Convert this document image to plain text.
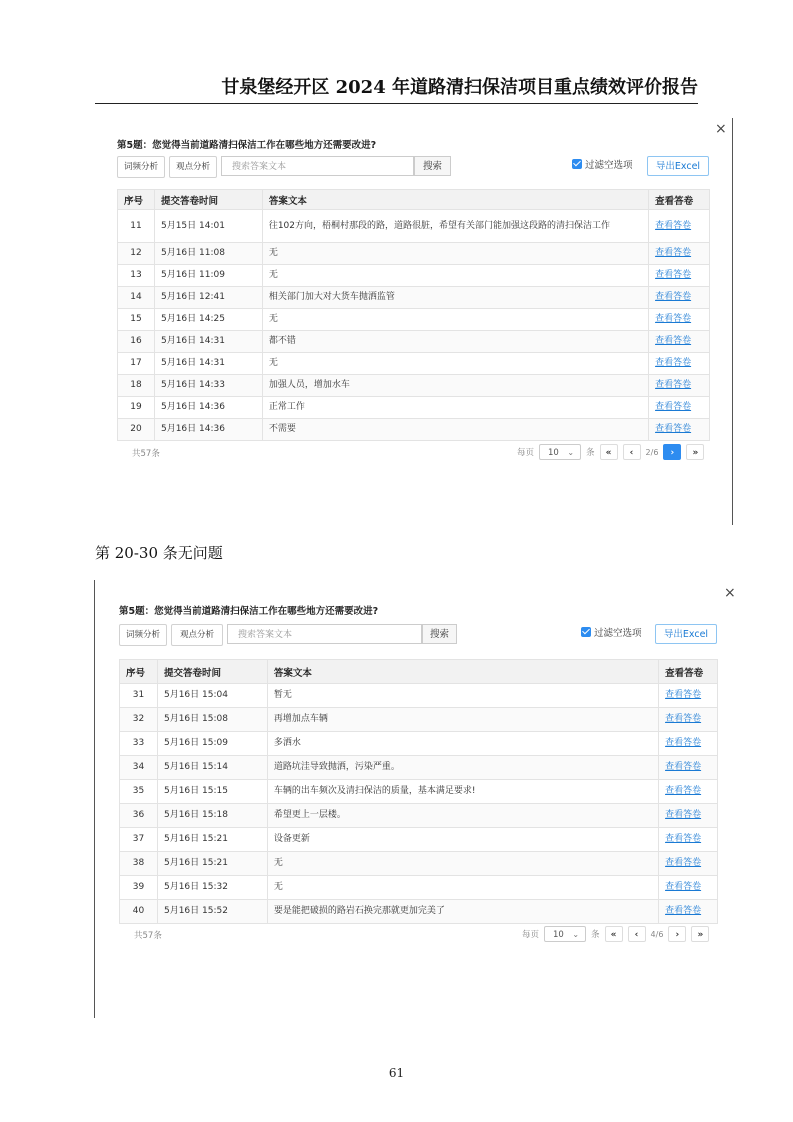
甘泉堡经开区 2024 年道路清扫保洁项目重点绩效评价报告
×
第5题：您觉得当前道路清扫保洁工作在哪些地方还需要改进?
词频分析	观点分析	搜索答案文本	搜索	过滤空选项	导出Excel
序号	提交答卷时间	答案文本	查看答卷
11	5月15日 14:01	往102方向，梧桐村那段的路，道路很脏，希望有关部门能加强这段路的清扫保洁工作	查看答卷
12	5月16日 11:08	无	查看答卷
13	5月16日 11:09	无	查看答卷
14	5月16日 12:41	相关部门加大对大货车抛洒监管	查看答卷
15	5月16日 14:25	无	查看答卷
16	5月16日 14:31	都不错	查看答卷
17	5月16日 14:31	无	查看答卷
18	5月16日 14:33	加强人员，增加水车	查看答卷
19	5月16日 14:36	正常工作	查看答卷
20	5月16日 14:36	不需要	查看答卷
共57条	每页	10 ⌄ 条	«	‹	2/6	›	»
第 20-30 条无问题
×
第5题：您觉得当前道路清扫保洁工作在哪些地方还需要改进?
词频分析	观点分析	搜索答案文本	搜索	过滤空选项	导出Excel
序号	提交答卷时间	答案文本	查看答卷
31	5月16日 15:04	暂无	查看答卷
32	5月16日 15:08	再增加点车辆	查看答卷
33	5月16日 15:09	多洒水	查看答卷
34	5月16日 15:14	道路坑洼导致抛洒，污染严重。	查看答卷
35	5月16日 15:15	车辆的出车频次及清扫保洁的质量，基本满足要求!	查看答卷
36	5月16日 15:18	希望更上一层楼。	查看答卷
37	5月16日 15:21	设备更新	查看答卷
38	5月16日 15:21	无	查看答卷
39	5月16日 15:32	无	查看答卷
40	5月16日 15:52	要是能把破损的路岩石换完那就更加完美了	查看答卷
共57条	每页	10 ⌄ 条	«	‹	4/6	›	»
61
